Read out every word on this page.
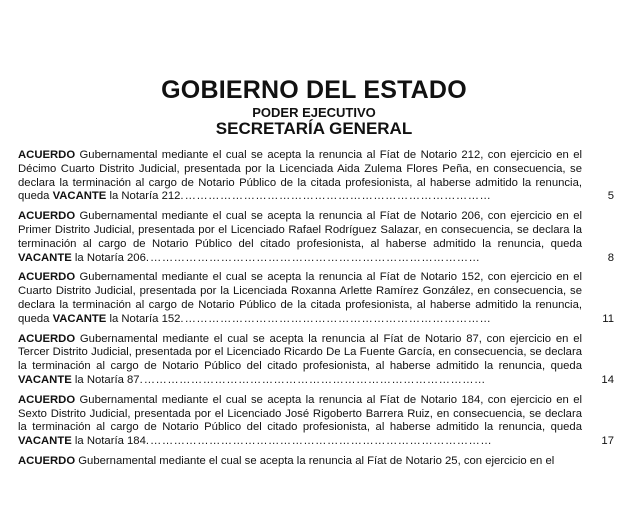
GOBIERNO DEL ESTADO
PODER EJECUTIVO
SECRETARÍA GENERAL
ACUERDO Gubernamental mediante el cual se acepta la renuncia al Fíat de Notario 212, con ejercicio en el Décimo Cuarto Distrito Judicial, presentada por la Licenciada Aida Zulema Flores Peña, en consecuencia, se declara la terminación al cargo de Notario Público de la citada profesionista, al haberse admitido la renuncia, queda VACANTE la Notaría 212.……………………………………………………………………	5
ACUERDO Gubernamental mediante el cual se acepta la renuncia al Fíat de Notario 206, con ejercicio en el Primer Distrito Judicial, presentada por el Licenciado Rafael Rodríguez Salazar, en consecuencia, se declara la terminación al cargo de Notario Público del citado profesionista, al haberse admitido la renuncia, queda VACANTE la Notaría 206.…………………………………………………………………………	8
ACUERDO Gubernamental mediante el cual se acepta la renuncia al Fíat de Notario 152, con ejercicio en el Cuarto Distrito Judicial, presentada por la Licenciada Roxanna Arlette Ramírez González, en consecuencia, se declara la terminación al cargo de Notario Público de la citada profesionista, al haberse admitido la renuncia, queda VACANTE la Notaría 152.……………………………………………………………………	11
ACUERDO Gubernamental mediante el cual se acepta la renuncia al Fíat de Notario 87, con ejercicio en el Tercer Distrito Judicial, presentada por el Licenciado Ricardo De La Fuente García, en consecuencia, se declara la terminación al cargo de Notario Público del citado profesionista, al haberse admitido la renuncia, queda VACANTE la Notaría 87.……………………………………………………………………………	14
ACUERDO Gubernamental mediante el cual se acepta la renuncia al Fíat de Notario 184, con ejercicio en el Sexto Distrito Judicial, presentada por el Licenciado José Rigoberto Barrera Ruiz, en consecuencia, se declara la terminación al cargo de Notario Público del citado profesionista, al haberse admitido la renuncia, queda VACANTE la Notaría 184.……………………………………………………………………………	17
ACUERDO Gubernamental mediante el cual se acepta la renuncia al Fíat de Notario 25, con ejercicio en el
